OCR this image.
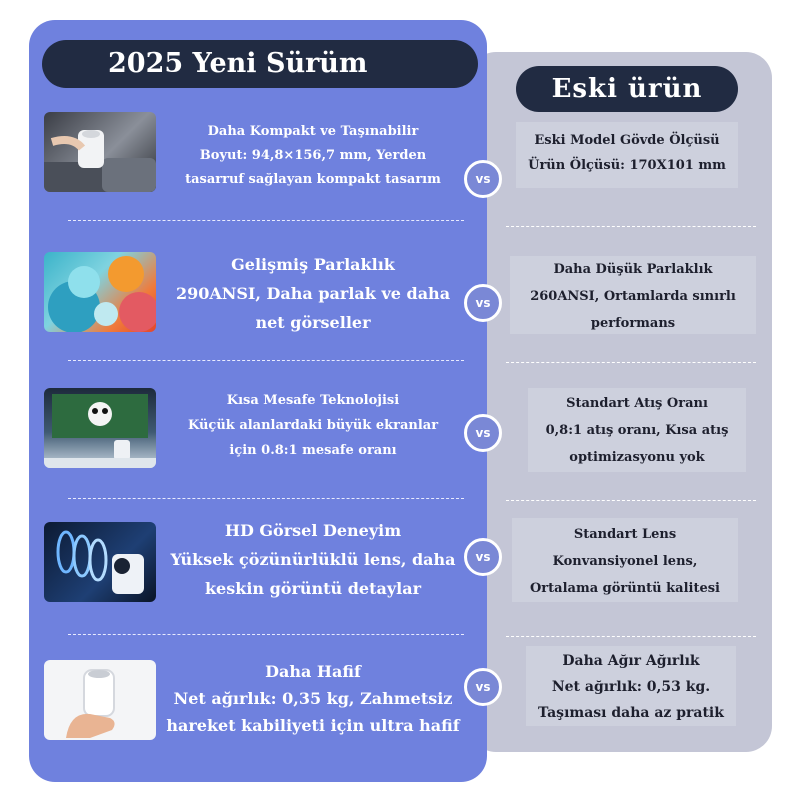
2025 Yeni Sürüm
Eski ürün
Daha Kompakt ve Taşınabilir
Boyut: 94,8×156,7 mm, Yerden
tasarruf sağlayan kompakt tasarım	vs
Eski Model Gövde Ölçüsü
Ürün Ölçüsü: 170X101 mm
Gelişmiş Parlaklık
290ANSI, Daha parlak ve daha
net görseller
vs
Daha Düşük Parlaklık
260ANSI, Ortamlarda sınırlı
performans
Kısa Mesafe Teknolojisi
Küçük alanlardaki büyük ekranlar
için 0.8:1 mesafe oranı
vs
Standart Atış Oranı
0,8:1 atış oranı, Kısa atış
optimizasyonu yok
HD Görsel Deneyim
Yüksek çözünürlüklü lens, daha
keskin görüntü detaylar
vs
Standart Lens
Konvansiyonel lens,
Ortalama görüntü kalitesi
Daha Hafif
Net ağırlık: 0,35 kg, Zahmetsiz
hareket kabiliyeti için ultra hafif
vs
Daha Ağır Ağırlık
Net ağırlık: 0,53 kg.
Taşıması daha az pratik
